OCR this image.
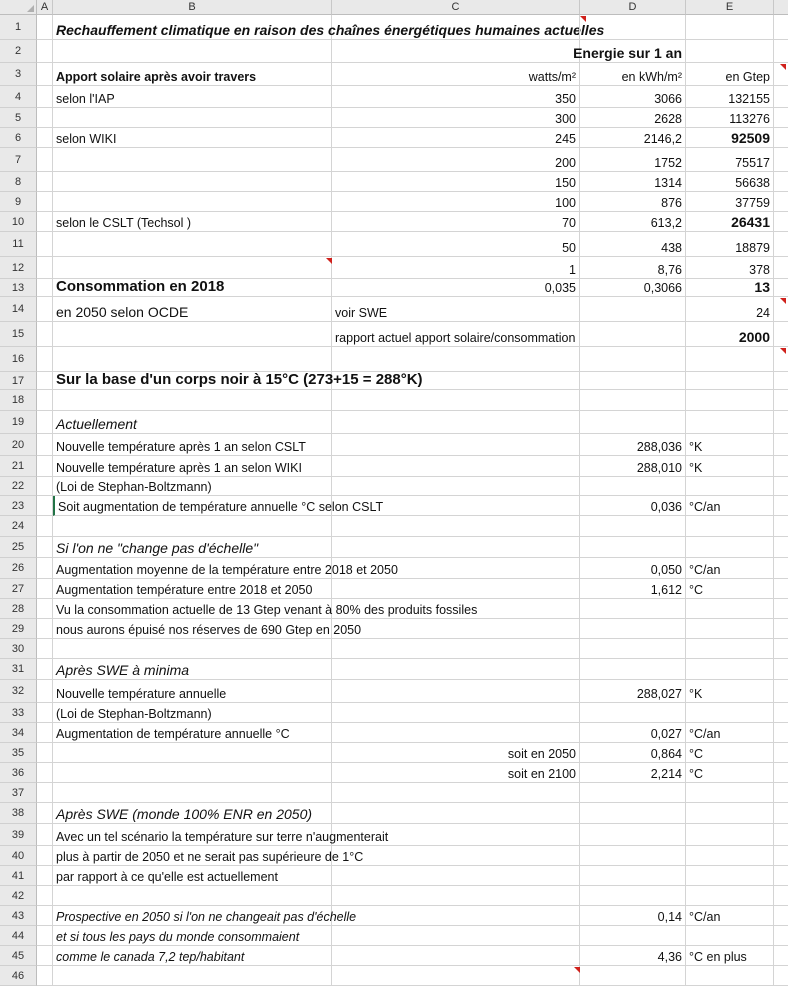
A	B	C	D	E
1	Rechauffement climatique en raison des chaînes énergétiques humaines actuelles
2	Energie sur 1 an
3	Apport solaire après avoir travers	watts/m²	en kWh/m²	en Gtep
4	selon l'IAP	350	3066	132155
5	300	2628	113276
6	selon WIKI	245	2146,2	92509
7	200	1752	75517
8	150	1314	56638
9	100	876	37759
10	selon le CSLT (Techsol )	70	613,2	26431
11	50	438	18879
12	1	8,76	378
13	Consommation en 2018	0,035	0,3066	13
14	en 2050 selon OCDE	voir SWE	24
15	rapport actuel apport solaire/consommation	2000
16
17	Sur la base d'un corps noir à 15°C (273+15 = 288°K)
18
19	Actuellement
20	Nouvelle température après 1 an selon CSLT	288,036 °K
21	Nouvelle température après 1 an selon WIKI	288,010 °K
22	(Loi de Stephan-Boltzmann)
23	Soit augmentation de température annuelle °C selon CSLT	0,036 °C/an
24
25	Si l'on ne "change pas d'échelle"
26	Augmentation moyenne de la température entre 2018 et 2050	0,050 °C/an
27	Augmentation température entre 2018 et 2050	1,612 °C
28	Vu la consommation actuelle de 13 Gtep venant à 80% des produits fossiles
29	nous aurons épuisé nos réserves de 690 Gtep en 2050
30
31	Après SWE à minima
32	Nouvelle température annuelle	288,027 °K
33	(Loi de Stephan-Boltzmann)
34	Augmentation de température annuelle °C	0,027 °C/an
35	soit en 2050	0,864 °C
36	soit en 2100	2,214 °C
37
38	Après SWE (monde 100% ENR en 2050)
39	Avec un tel scénario la température sur terre n'augmenterait
40	plus à partir de 2050 et ne serait pas supérieure de 1°C
41	par rapport à ce qu'elle est actuellement
42
43	Prospective en 2050 si l'on ne changeait pas d'échelle	0,14 °C/an
44	et si tous les pays du monde consommaient
45	comme le canada 7,2 tep/habitant	4,36 °C en plus
46
